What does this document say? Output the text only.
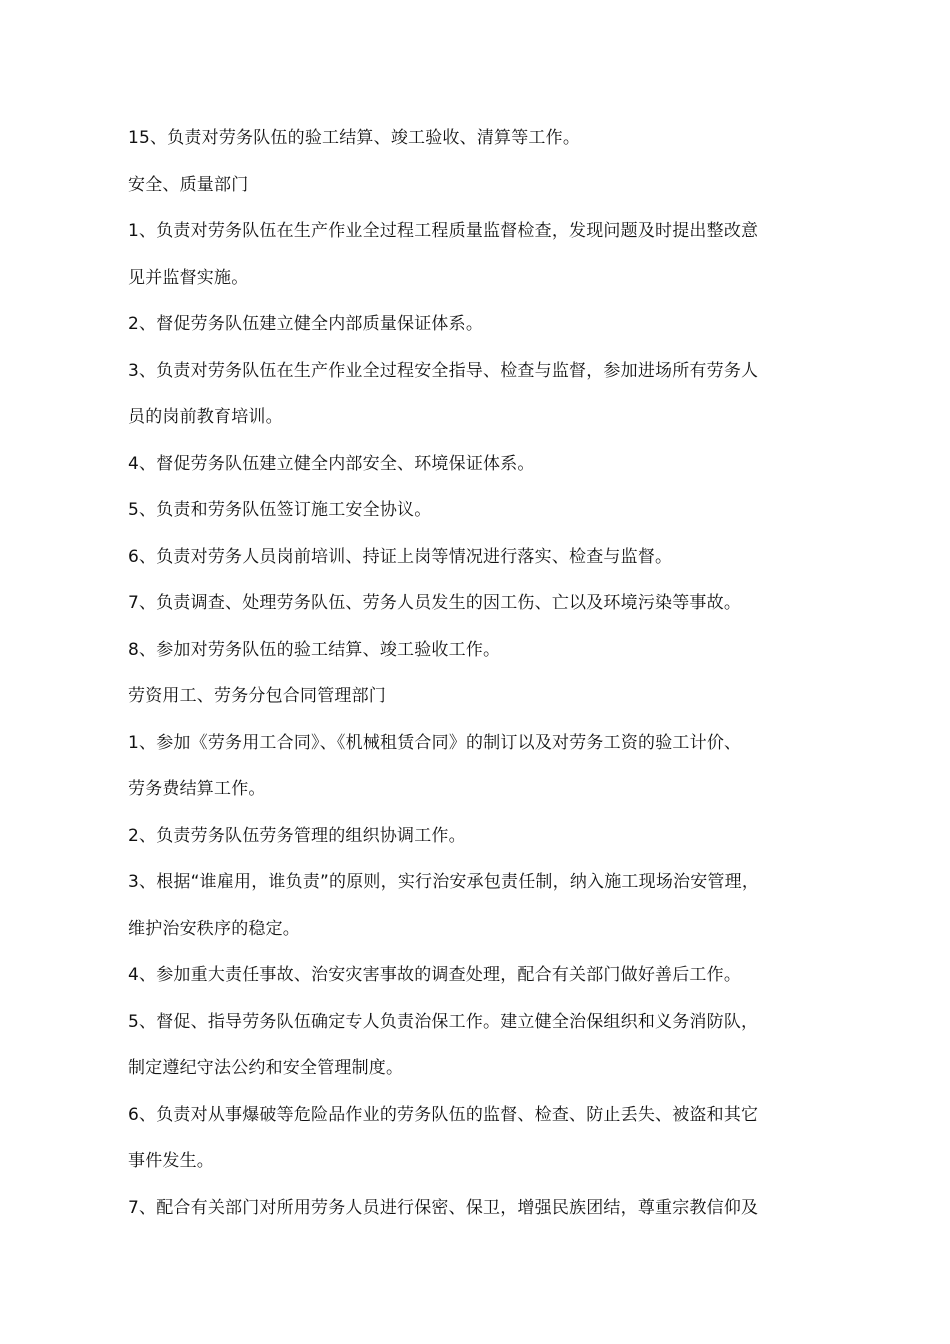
15、负责对劳务队伍的验工结算、竣工验收、清算等工作。
安全、质量部门
1、负责对劳务队伍在生产作业全过程工程质量监督检查，发现问题及时提出整改意
见并监督实施。
2、督促劳务队伍建立健全内部质量保证体系。
3、负责对劳务队伍在生产作业全过程安全指导、检查与监督，参加进场所有劳务人
员的岗前教育培训。
4、督促劳务队伍建立健全内部安全、环境保证体系。
5、负责和劳务队伍签订施工安全协议。
6、负责对劳务人员岗前培训、持证上岗等情况进行落实、检查与监督。
7、负责调查、处理劳务队伍、劳务人员发生的因工伤、亡以及环境污染等事故。
8、参加对劳务队伍的验工结算、竣工验收工作。
劳资用工、劳务分包合同管理部门
1、参加《劳务用工合同》、《机械租赁合同》的制订以及对劳务工资的验工计价、
劳务费结算工作。
2、负责劳务队伍劳务管理的组织协调工作。
3、根据“谁雇用，谁负责”的原则，实行治安承包责任制，纳入施工现场治安管理，
维护治安秩序的稳定。
4、参加重大责任事故、治安灾害事故的调查处理，配合有关部门做好善后工作。
5、督促、指导劳务队伍确定专人负责治保工作。建立健全治保组织和义务消防队，
制定遵纪守法公约和安全管理制度。
6、负责对从事爆破等危险品作业的劳务队伍的监督、检查、防止丢失、被盗和其它
事件发生。
7、配合有关部门对所用劳务人员进行保密、保卫，增强民族团结，尊重宗教信仰及
